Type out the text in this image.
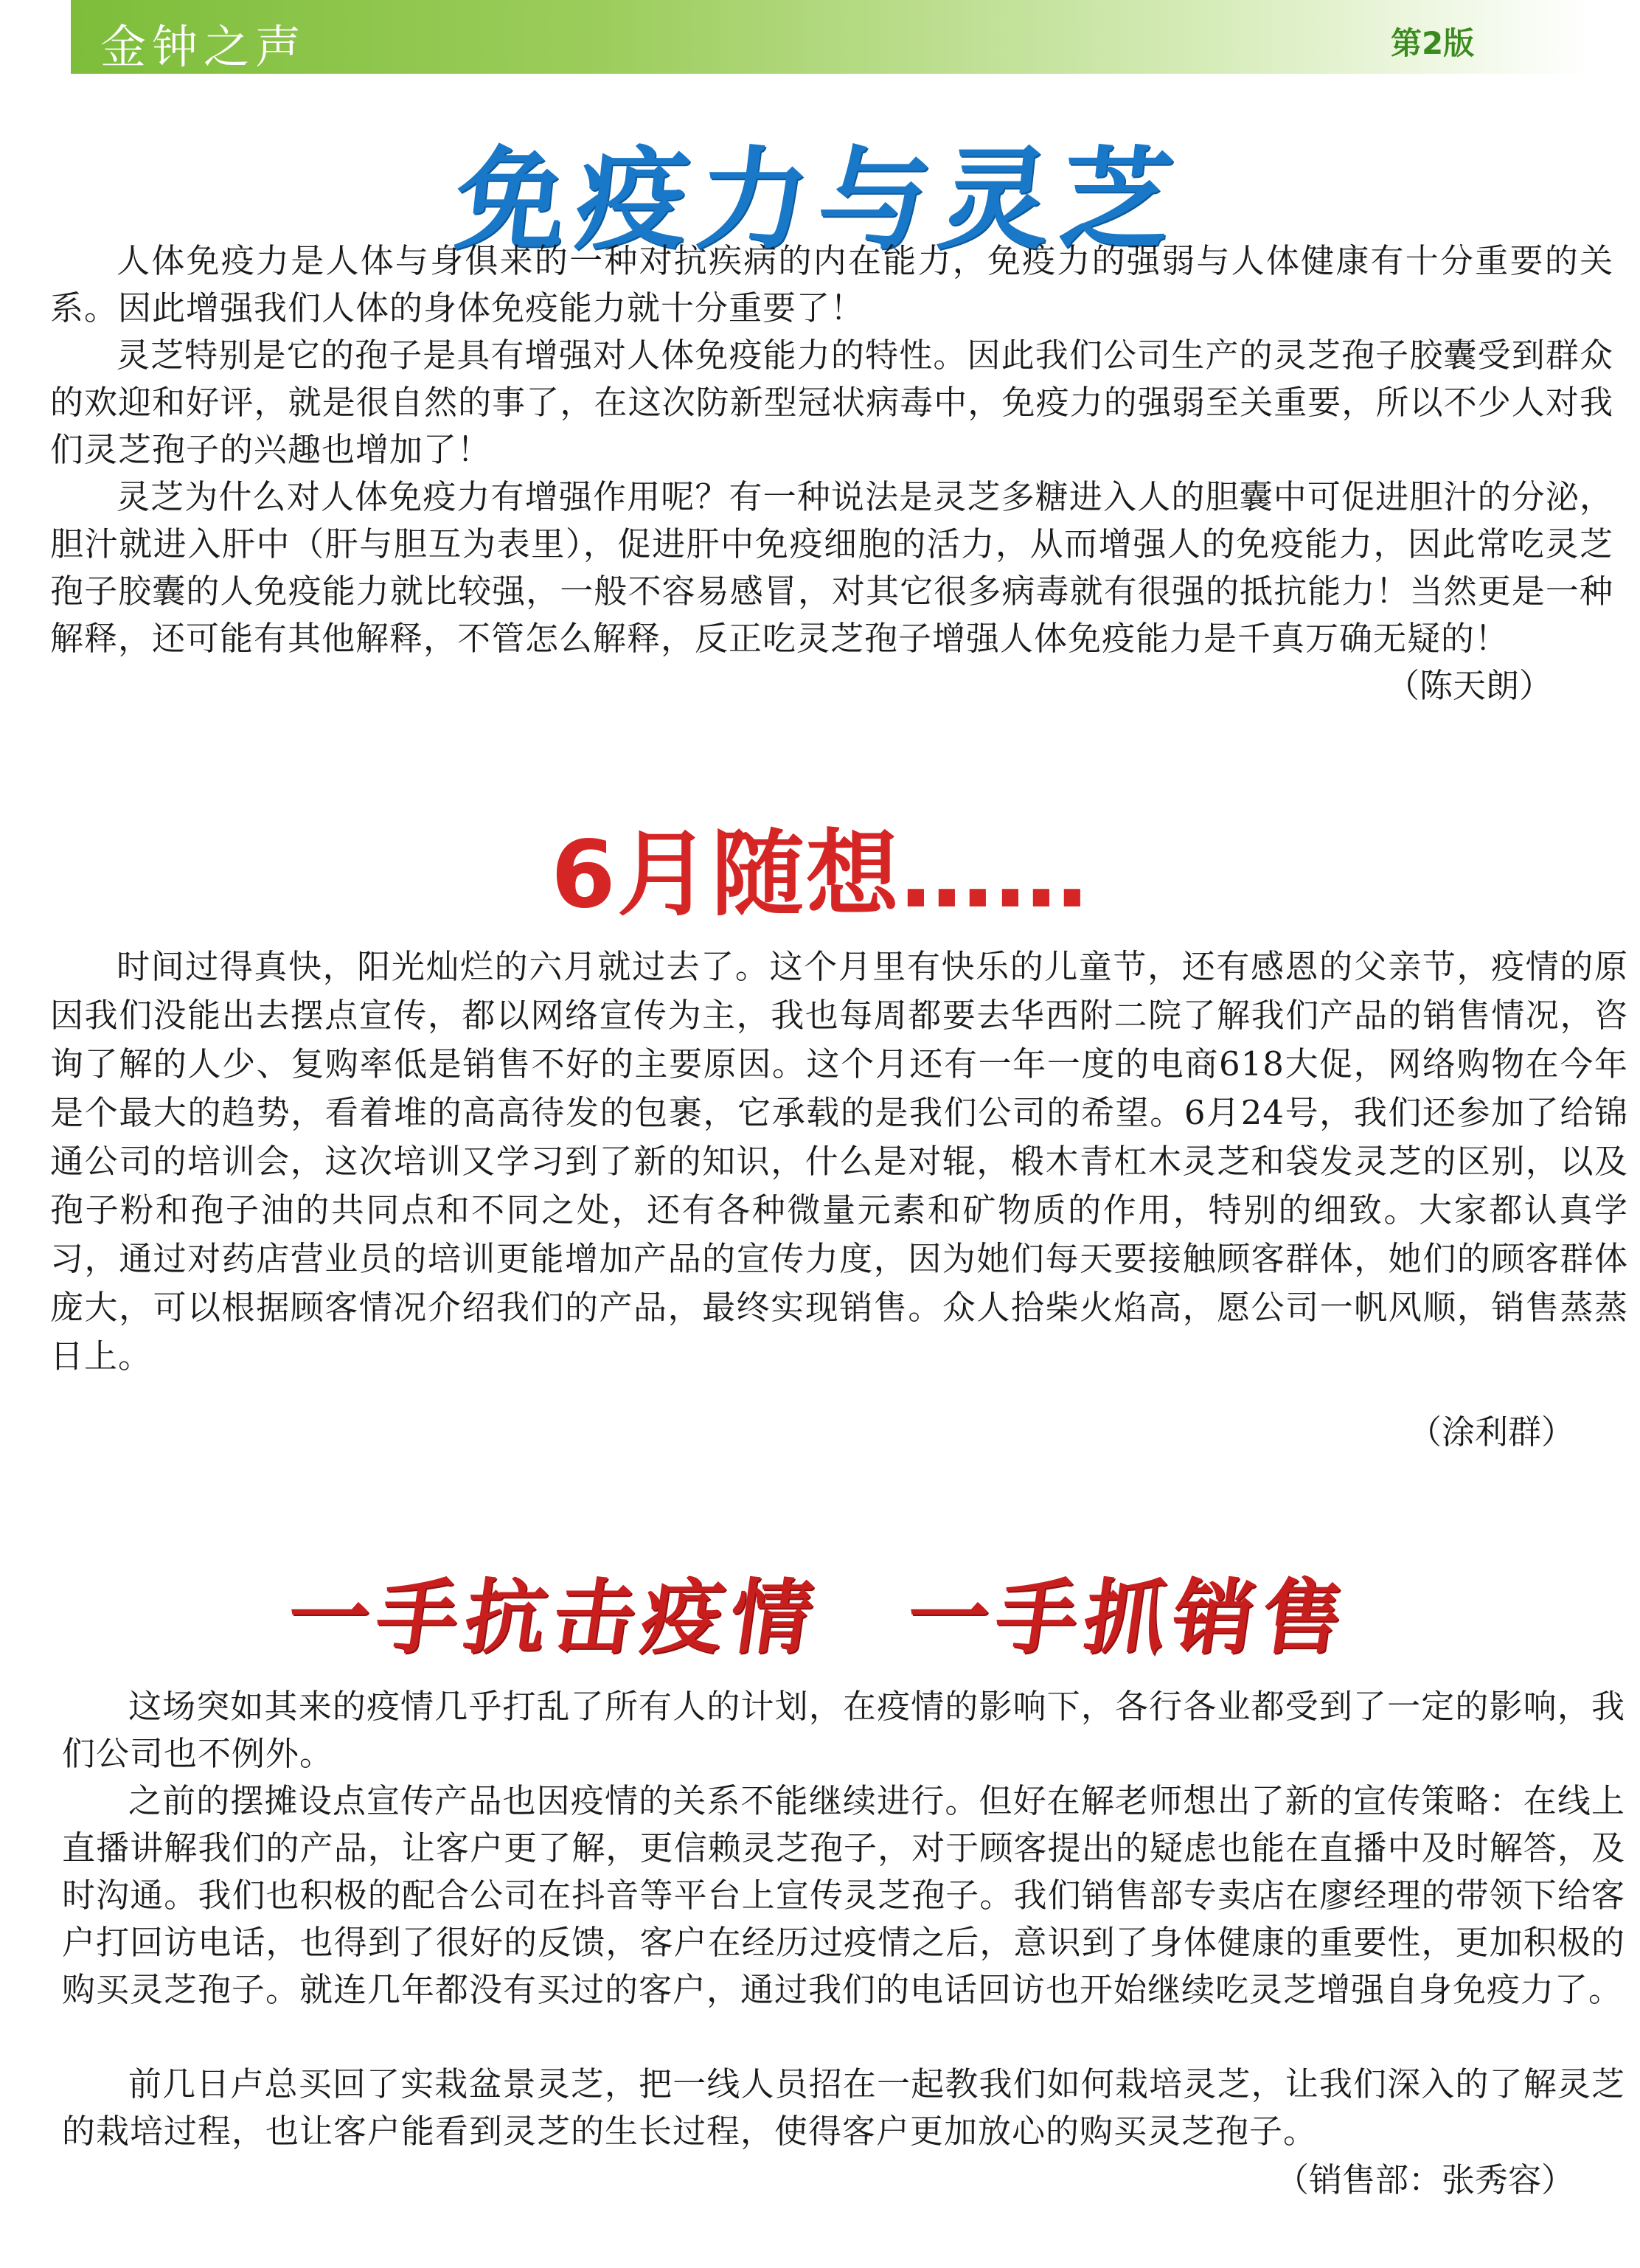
金钟之声	第2版
免疫力与灵芝

人体免疫力是人体与身俱来的一种对抗疾病的内在能力，免疫力的强弱与人体健康有十分重要的关系。因此增强我们人体的身体免疫能力就十分重要了！

灵芝特别是它的孢子是具有增强对人体免疫能力的特性。因此我们公司生产的灵芝孢子胶囊受到群众的欢迎和好评，就是很自然的事了，在这次防新型冠状病毒中，免疫力的强弱至关重要，所以不少人对我们灵芝孢子的兴趣也增加了！

灵芝为什么对人体免疫力有增强作用呢？有一种说法是灵芝多糖进入人的胆囊中可促进胆汁的分泌，胆汁就进入肝中（肝与胆互为表里），促进肝中免疫细胞的活力，从而增强人的免疫能力，因此常吃灵芝孢子胶囊的人免疫能力就比较强，一般不容易感冒，对其它很多病毒就有很强的抵抗能力！当然更是一种解释，还可能有其他解释，不管怎么解释，反正吃灵芝孢子增强人体免疫能力是千真万确无疑的！

（陈天朗）
6月随想……

时间过得真快，阳光灿烂的六月就过去了。这个月里有快乐的儿童节，还有感恩的父亲节，疫情的原因我们没能出去摆点宣传，都以网络宣传为主，我也每周都要去华西附二院了解我们产品的销售情况，咨询了解的人少、复购率低是销售不好的主要原因。这个月还有一年一度的电商618大促，网络购物在今年是个最大的趋势，看着堆的高高待发的包裹，它承载的是我们公司的希望。6月24号，我们还参加了给锦通公司的培训会，这次培训又学习到了新的知识，什么是对辊，椴木青杠木灵芝和袋发灵芝的区别，以及孢子粉和孢子油的共同点和不同之处，还有各种微量元素和矿物质的作用，特别的细致。大家都认真学习，通过对药店营业员的培训更能增加产品的宣传力度，因为她们每天要接触顾客群体，她们的顾客群体庞大，可以根据顾客情况介绍我们的产品，最终实现销售。众人拾柴火焰高，愿公司一帆风顺，销售蒸蒸日上。

（涂利群）
一手抗击疫情　一手抓销售

这场突如其来的疫情几乎打乱了所有人的计划，在疫情的影响下，各行各业都受到了一定的影响，我们公司也不例外。

之前的摆摊设点宣传产品也因疫情的关系不能继续进行。但好在解老师想出了新的宣传策略：在线上直播讲解我们的产品，让客户更了解，更信赖灵芝孢子，对于顾客提出的疑虑也能在直播中及时解答，及时沟通。我们也积极的配合公司在抖音等平台上宣传灵芝孢子。我们销售部专卖店在廖经理的带领下给客户打回访电话，也得到了很好的反馈，客户在经历过疫情之后，意识到了身体健康的重要性，更加积极的购买灵芝孢子。就连几年都没有买过的客户，通过我们的电话回访也开始继续吃灵芝增强自身免疫力了。

前几日卢总买回了实栽盆景灵芝，把一线人员招在一起教我们如何栽培灵芝，让我们深入的了解灵芝的栽培过程，也让客户能看到灵芝的生长过程，使得客户更加放心的购买灵芝孢子。

（销售部：张秀容）
